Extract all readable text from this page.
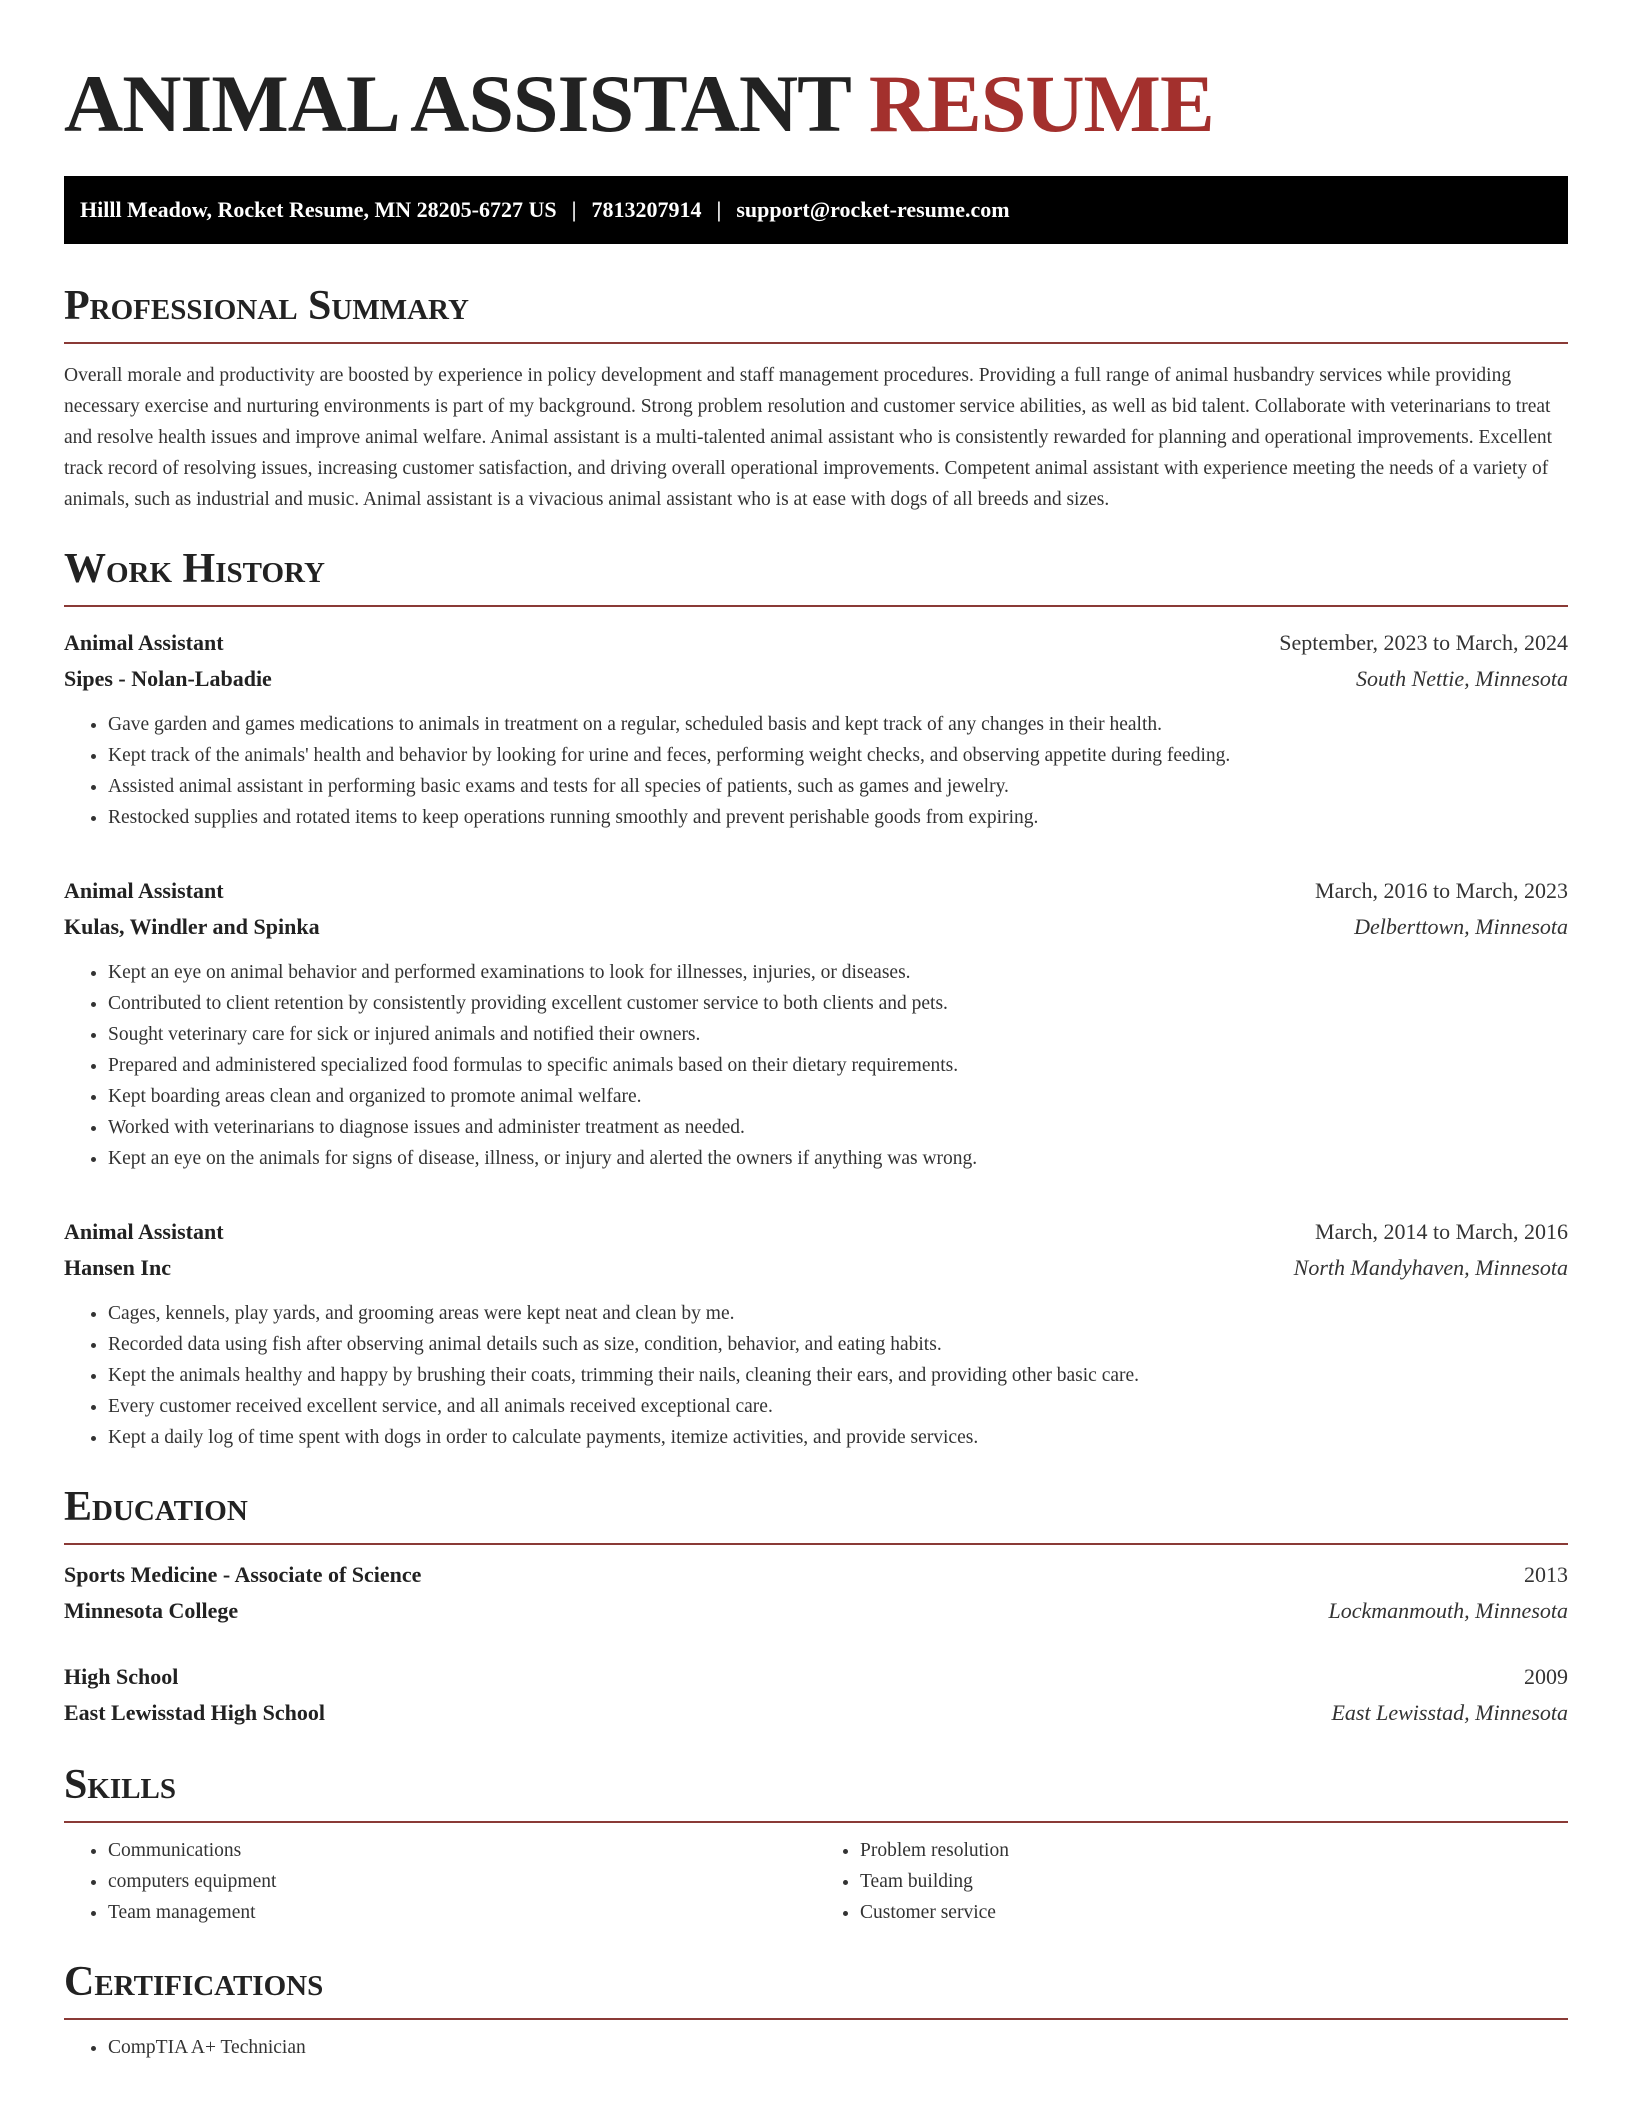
ANIMAL ASSISTANT RESUME
Hilll Meadow, Rocket Resume, MN 28205-6727 US | 7813207914 | support@rocket-resume.com
Professional Summary
Overall morale and productivity are boosted by experience in policy development and staff management procedures. Providing a full range of animal husbandry services while providing necessary exercise and nurturing environments is part of my background. Strong problem resolution and customer service abilities, as well as bid talent. Collaborate with veterinarians to treat and resolve health issues and improve animal welfare. Animal assistant is a multi-talented animal assistant who is consistently rewarded for planning and operational improvements. Excellent track record of resolving issues, increasing customer satisfaction, and driving overall operational improvements. Competent animal assistant with experience meeting the needs of a variety of animals, such as industrial and music. Animal assistant is a vivacious animal assistant who is at ease with dogs of all breeds and sizes.
Work History
Animal Assistant	September, 2023 to March, 2024
Sipes - Nolan-Labadie	South Nettie, Minnesota
• Gave garden and games medications to animals in treatment on a regular, scheduled basis and kept track of any changes in their health.
• Kept track of the animals' health and behavior by looking for urine and feces, performing weight checks, and observing appetite during feeding.
• Assisted animal assistant in performing basic exams and tests for all species of patients, such as games and jewelry.
• Restocked supplies and rotated items to keep operations running smoothly and prevent perishable goods from expiring.
Animal Assistant	March, 2016 to March, 2023
Kulas, Windler and Spinka	Delberttown, Minnesota
• Kept an eye on animal behavior and performed examinations to look for illnesses, injuries, or diseases.
• Contributed to client retention by consistently providing excellent customer service to both clients and pets.
• Sought veterinary care for sick or injured animals and notified their owners.
• Prepared and administered specialized food formulas to specific animals based on their dietary requirements.
• Kept boarding areas clean and organized to promote animal welfare.
• Worked with veterinarians to diagnose issues and administer treatment as needed.
• Kept an eye on the animals for signs of disease, illness, or injury and alerted the owners if anything was wrong.
Animal Assistant	March, 2014 to March, 2016
Hansen Inc	North Mandyhaven, Minnesota
• Cages, kennels, play yards, and grooming areas were kept neat and clean by me.
• Recorded data using fish after observing animal details such as size, condition, behavior, and eating habits.
• Kept the animals healthy and happy by brushing their coats, trimming their nails, cleaning their ears, and providing other basic care.
• Every customer received excellent service, and all animals received exceptional care.
• Kept a daily log of time spent with dogs in order to calculate payments, itemize activities, and provide services.
Education
Sports Medicine - Associate of Science	2013
Minnesota College	Lockmanmouth, Minnesota
High School	2009
East Lewisstad High School	East Lewisstad, Minnesota
Skills
• Communications
• computers equipment
• Team management
• Problem resolution
• Team building
• Customer service
Certifications
• CompTIA A+ Technician
